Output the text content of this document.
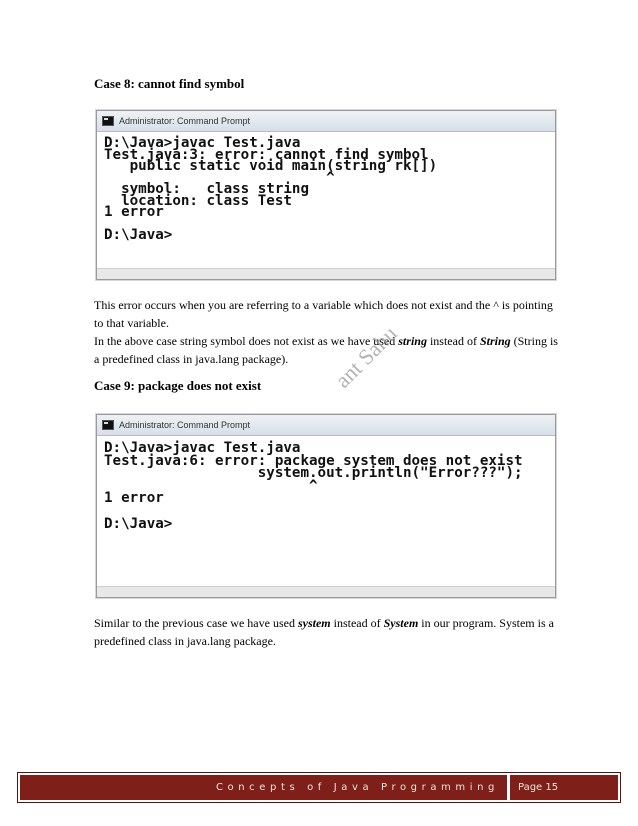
Case 8: cannot find symbol
Administrator: Command Prompt
D:\Java>javac Test.java
Test.java:3: error: cannot find symbol
public static void main(string rk[])
^
symbol:   class string
location: class Test
1 error

D:\Java>
This error occurs when you are referring to a variable which does not exist and the ^ is pointing
to that variable.
In the above case string symbol does not exist as we have used string instead of String (String is
a predefined class in java.lang package).	ant Sahu
Case 9: package does not exist
Administrator: Command Prompt
D:\Java>javac Test.java
Test.java:6: error: package system does not exist
system.out.println("Error???");
^
1 error

D:\Java>
Similar to the previous case we have used system instead of System in our program. System is a
predefined class in java.lang package.
Concepts of Java Programming	Page 15
